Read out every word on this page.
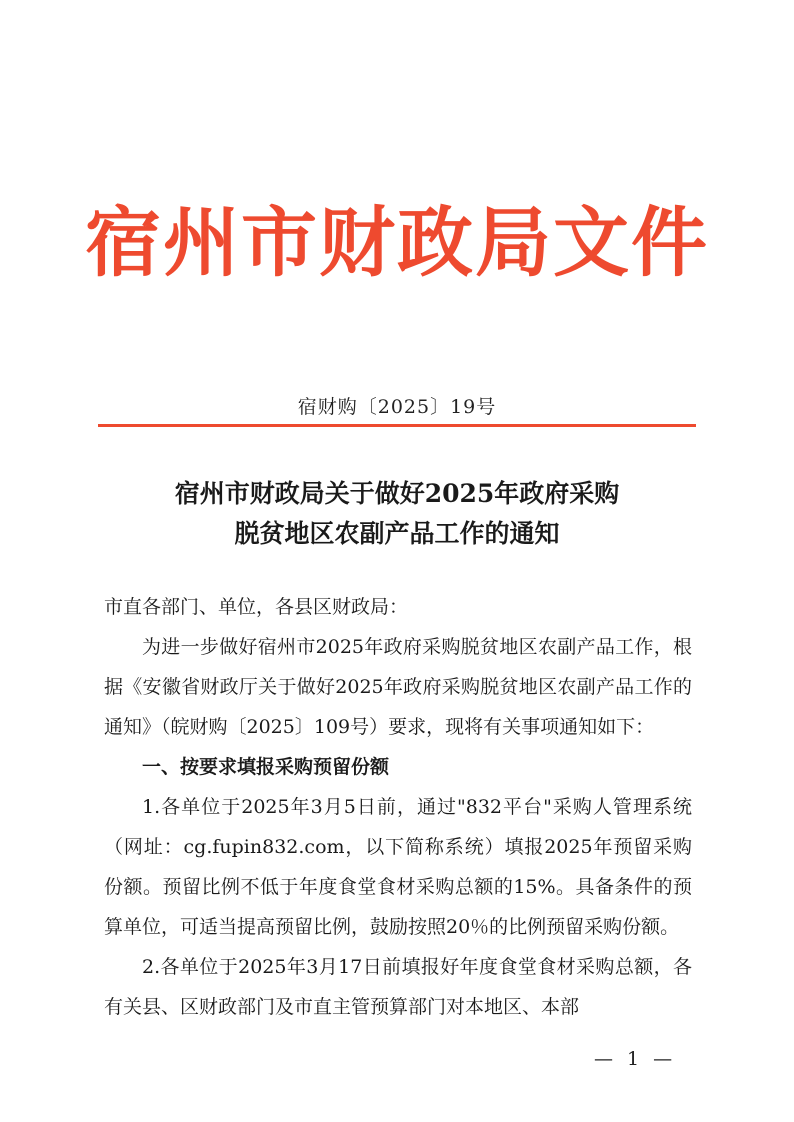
宿州市财政局文件
宿财购〔2025〕19号
宿州市财政局关于做好2025年政府采购
脱贫地区农副产品工作的通知
市直各部门、单位，各县区财政局：
为进一步做好宿州市2025年政府采购脱贫地区农副产品工作，根据《安徽省财政厅关于做好2025年政府采购脱贫地区农副产品工作的通知》（皖财购〔2025〕109号）要求，现将有关事项通知如下：
一、按要求填报采购预留份额
1.各单位于2025年3月5日前，通过"832平台"采购人管理系统（网址：cg.fupin832.com，以下简称系统）填报2025年预留采购份额。预留比例不低于年度食堂食材采购总额的15%。具备条件的预算单位，可适当提高预留比例，鼓励按照20％的比例预留采购份额。
2.各单位于2025年3月17日前填报好年度食堂食材采购总额，各有关县、区财政部门及市直主管预算部门对本地区、本部
— 1 —
